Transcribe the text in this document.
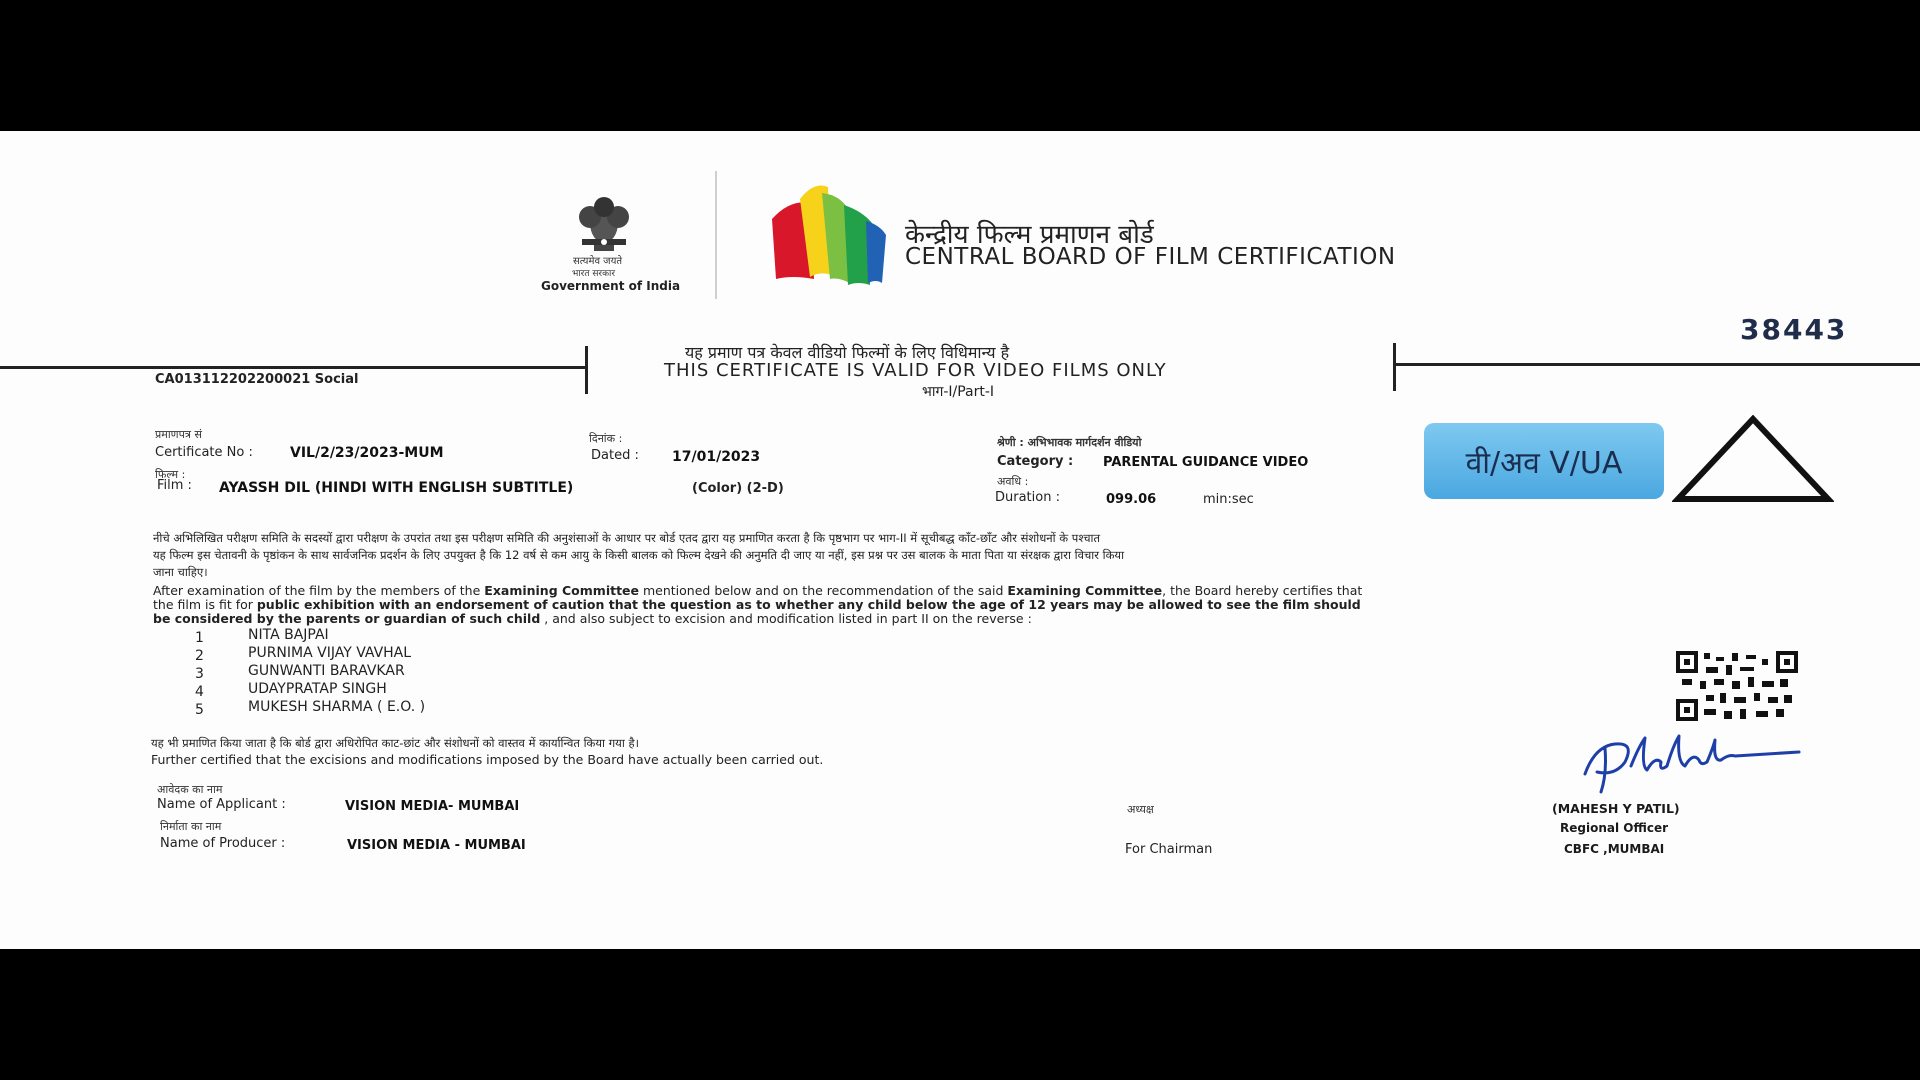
सत्यमेव जयते
भारत सरकार
Government of India
केन्द्रीय फिल्म प्रमाणन बोर्ड
CENTRAL BOARD OF FILM CERTIFICATION
38443
CA013112202200021 Social
यह प्रमाण पत्र केवल वीडियो फिल्मों के लिए विधिमान्य है
THIS CERTIFICATE IS VALID FOR VIDEO FILMS ONLY
भाग-I/Part-I
प्रमाणपत्र सं
Certificate No :	VIL/2/23/2023-MUM
दिनांक :
Dated : 17/01/2023
फिल्म :
Film : AYASSH DIL (HINDI WITH ENGLISH SUBTITLE)	(Color) (2-D)
श्रेणी : अभिभावक मार्गदर्शन वीडियो
Category : PARENTAL GUIDANCE VIDEO
अवधि :
Duration :	099.06	min:sec
वी/अव V/UA
नीचे अभिलिखित परीक्षण समिति के सदस्यों द्वारा परीक्षण के उपरांत तथा इस परीक्षण समिति की अनुशंसाओं के आधार पर बोर्ड एतद द्वारा यह प्रमाणित करता है कि पृष्ठभाग पर भाग-II में सूचीबद्ध काँट-छाँट और संशोधनों के पश्चात
यह फिल्म इस चेतावनी के पृष्ठांकन के साथ सार्वजनिक प्रदर्शन के लिए उपयुक्त है कि 12 वर्ष से कम आयु के किसी बालक को फिल्म देखने की अनुमति दी जाए या नहीं, इस प्रश्न पर उस बालक के माता पिता या संरक्षक द्वारा विचार किया
जाना चाहिए।
After examination of the film by the members of the Examining Committee mentioned below and on the recommendation of the said Examining Committee, the Board hereby certifies that
the film is fit for public exhibition with an endorsement of caution that the question as to whether any child below the age of 12 years may be allowed to see the film should
be considered by the parents or guardian of such child , and also subject to excision and modification listed in part II on the reverse :
1	NITA BAJPAI
2	PURNIMA VIJAY VAVHAL
3	GUNWANTI BARAVKAR
4	UDAYPRATAP SINGH
5	MUKESH SHARMA ( E.O. )
यह भी प्रमाणित किया जाता है कि बोर्ड द्वारा अधिरोपित काट-छांट और संशोधनों को वास्तव में कार्यान्वित किया गया है।
Further certified that the excisions and modifications imposed by the Board have actually been carried out.
आवेदक का नाम
Name of Applicant :	VISION MEDIA- MUMBAI
निर्माता का नाम
Name of Producer :	VISION MEDIA - MUMBAI
अध्यक्ष
For Chairman
(MAHESH Y PATIL)
Regional Officer
CBFC ,MUMBAI
